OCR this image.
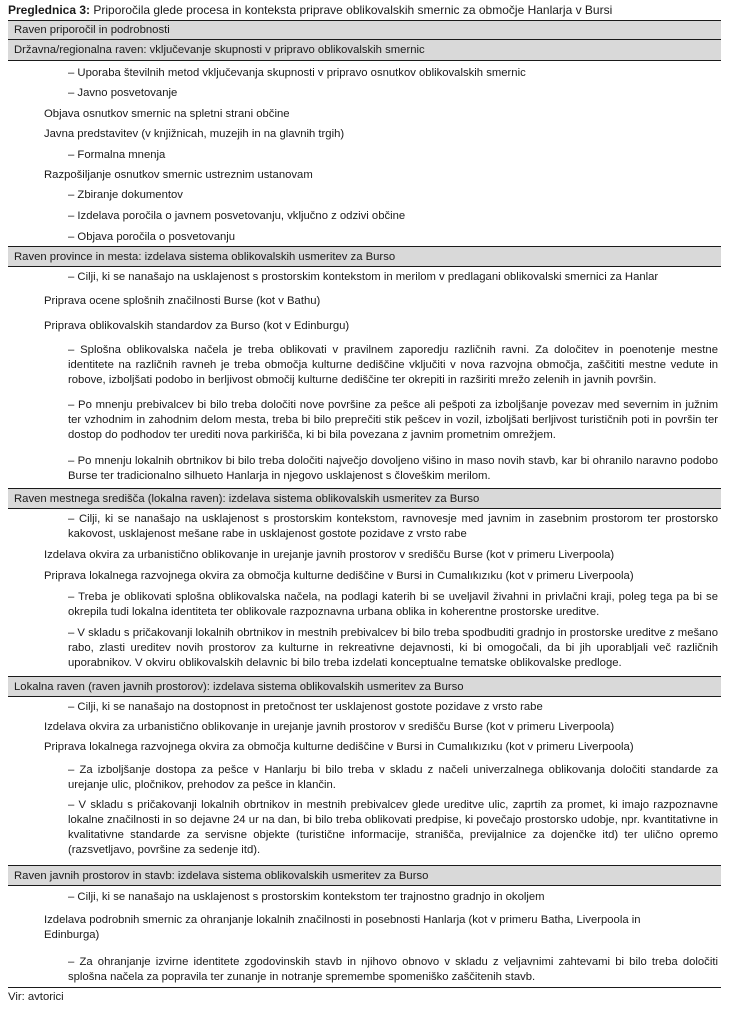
Preglednica 3: Priporočila glede procesa in konteksta priprave oblikovalskih smernic za območje Hanlarja v Bursi
Raven priporočil in podrobnosti
Državna/regionalna raven: vključevanje skupnosti v pripravo oblikovalskih smernic
– Uporaba številnih metod vključevanja skupnosti v pripravo osnutkov oblikovalskih smernic
– Javno posvetovanje
Objava osnutkov smernic na spletni strani občine
Javna predstavitev (v knjižnicah, muzejih in na glavnih trgih)
– Formalna mnenja
Razpošiljanje osnutkov smernic ustreznim ustanovam
– Zbiranje dokumentov
– Izdelava poročila o javnem posvetovanju, vključno z odzivi občine
– Objava poročila o posvetovanju
Raven province in mesta: izdelava sistema oblikovalskih usmeritev za Burso
– Cilji, ki se nanašajo na usklajenost s prostorskim kontekstom in merilom v predlagani oblikovalski smernici za Hanlar
Priprava ocene splošnih značilnosti Burse (kot v Bathu)
Priprava oblikovalskih standardov za Burso (kot v Edinburgu)
– Splošna oblikovalska načela je treba oblikovati v pravilnem zaporedju različnih ravni. Za določitev in poenotenje mestne identitete na različnih ravneh je treba območja kulturne dediščine vključiti v nova razvojna območja, zaščititi mestne vedute in robove, izboljšati podobo in berljivost območij kulturne dediščine ter okrepiti in razširiti mrežo zelenih in javnih površin.
– Po mnenju prebivalcev bi bilo treba določiti nove površine za pešce ali pešpoti za izboljšanje povezav med severnim in južnim ter vzhodnim in zahodnim delom mesta, treba bi bilo preprečiti stik pešcev in vozil, izboljšati berljivost turističnih poti in površin ter dostop do podhodov ter urediti nova parkirišča, ki bi bila povezana z javnim prometnim omrežjem.
– Po mnenju lokalnih obrtnikov bi bilo treba določiti največjo dovoljeno višino in maso novih stavb, kar bi ohranilo naravno podobo Burse ter tradicionalno silhueto Hanlarja in njegovo usklajenost s človeškim merilom.
Raven mestnega središča (lokalna raven): izdelava sistema oblikovalskih usmeritev za Burso
– Cilji, ki se nanašajo na usklajenost s prostorskim kontekstom, ravnovesje med javnim in zasebnim prostorom ter prostorsko kakovost, usklajenost mešane rabe in usklajenost gostote pozidave z vrsto rabe
Izdelava okvira za urbanistično oblikovanje in urejanje javnih prostorov v središču Burse (kot v primeru Liverpoola)
Priprava lokalnega razvojnega okvira za območja kulturne dediščine v Bursi in Cumalıkızıku (kot v primeru Liverpoola)
– Treba je oblikovati splošna oblikovalska načela, na podlagi katerih bi se uveljavil živahni in privlačni kraji, poleg tega pa bi se okrepila tudi lokalna identiteta ter oblikovale razpoznavna urbana oblika in koherentne prostorske ureditve.
– V skladu s pričakovanji lokalnih obrtnikov in mestnih prebivalcev bi bilo treba spodbuditi gradnjo in prostorske ureditve z mešano rabo, zlasti ureditev novih prostorov za kulturne in rekreativne dejavnosti, ki bi omogočali, da bi jih uporabljali več različnih uporabnikov. V okviru oblikovalskih delavnic bi bilo treba izdelati konceptualne tematske oblikovalske predloge.
Lokalna raven (raven javnih prostorov): izdelava sistema oblikovalskih usmeritev za Burso
– Cilji, ki se nanašajo na dostopnost in pretočnost ter usklajenost gostote pozidave z vrsto rabe
Izdelava okvira za urbanistično oblikovanje in urejanje javnih prostorov v središču Burse (kot v primeru Liverpoola)
Priprava lokalnega razvojnega okvira za območja kulturne dediščine v Bursi in Cumalıkızıku (kot v primeru Liverpoola)
– Za izboljšanje dostopa za pešce v Hanlarju bi bilo treba v skladu z načeli univerzalnega oblikovanja določiti standarde za urejanje ulic, pločnikov, prehodov za pešce in klančin.
– V skladu s pričakovanji lokalnih obrtnikov in mestnih prebivalcev glede ureditve ulic, zaprtih za promet, ki imajo razpoznavne lokalne značilnosti in so dejavne 24 ur na dan, bi bilo treba oblikovati predpise, ki povečajo prostorsko udobje, npr. kvantitativne in kvalitativne standarde za servisne objekte (turistične informacije, stranišča, previjalnice za dojenčke itd) ter ulično opremo (razsvetljavo, površine za sedenje itd).
Raven javnih prostorov in stavb: izdelava sistema oblikovalskih usmeritev za Burso
– Cilji, ki se nanašajo na usklajenost s prostorskim kontekstom ter trajnostno gradnjo in okoljem
Izdelava podrobnih smernic za ohranjanje lokalnih značilnosti in posebnosti Hanlarja (kot v primeru Batha, Liverpoola in Edinburga)
– Za ohranjanje izvirne identitete zgodovinskih stavb in njihovo obnovo v skladu z veljavnimi zahtevami bi bilo treba določiti splošna načela za popravila ter zunanje in notranje spremembe spomeniško zaščitenih stavb.
Vir: avtorici
